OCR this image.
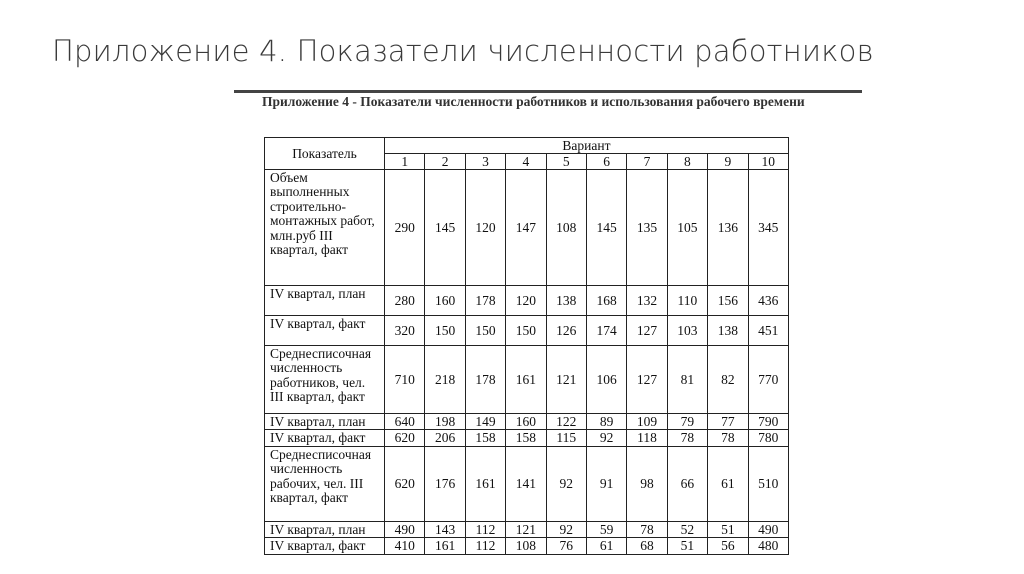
Приложение 4. Показатели численности работников
Приложение 4 - Показатели численности работников и использования рабочего времени
Показатель	Вариант									
	1	2	3	4	5	6	7	8	9	10
Объем выполненных строительно-монтажных работ, млн.руб III квартал, факт	290	145	120	147	108	145	135	105	136	345
IV квартал, план	280	160	178	120	138	168	132	110	156	436
IV квартал, факт	320	150	150	150	126	174	127	103	138	451
Среднесписочная численность работников, чел. III квартал, факт	710	218	178	161	121	106	127	81	82	770
IV квартал, план	640	198	149	160	122	89	109	79	77	790
IV квартал, факт	620	206	158	158	115	92	118	78	78	780
Среднесписочная численность рабочих, чел. III квартал, факт	620	176	161	141	92	91	98	66	61	510
IV квартал, план	490	143	112	121	92	59	78	52	51	490
IV квартал, факт	410	161	112	108	76	61	68	51	56	480
